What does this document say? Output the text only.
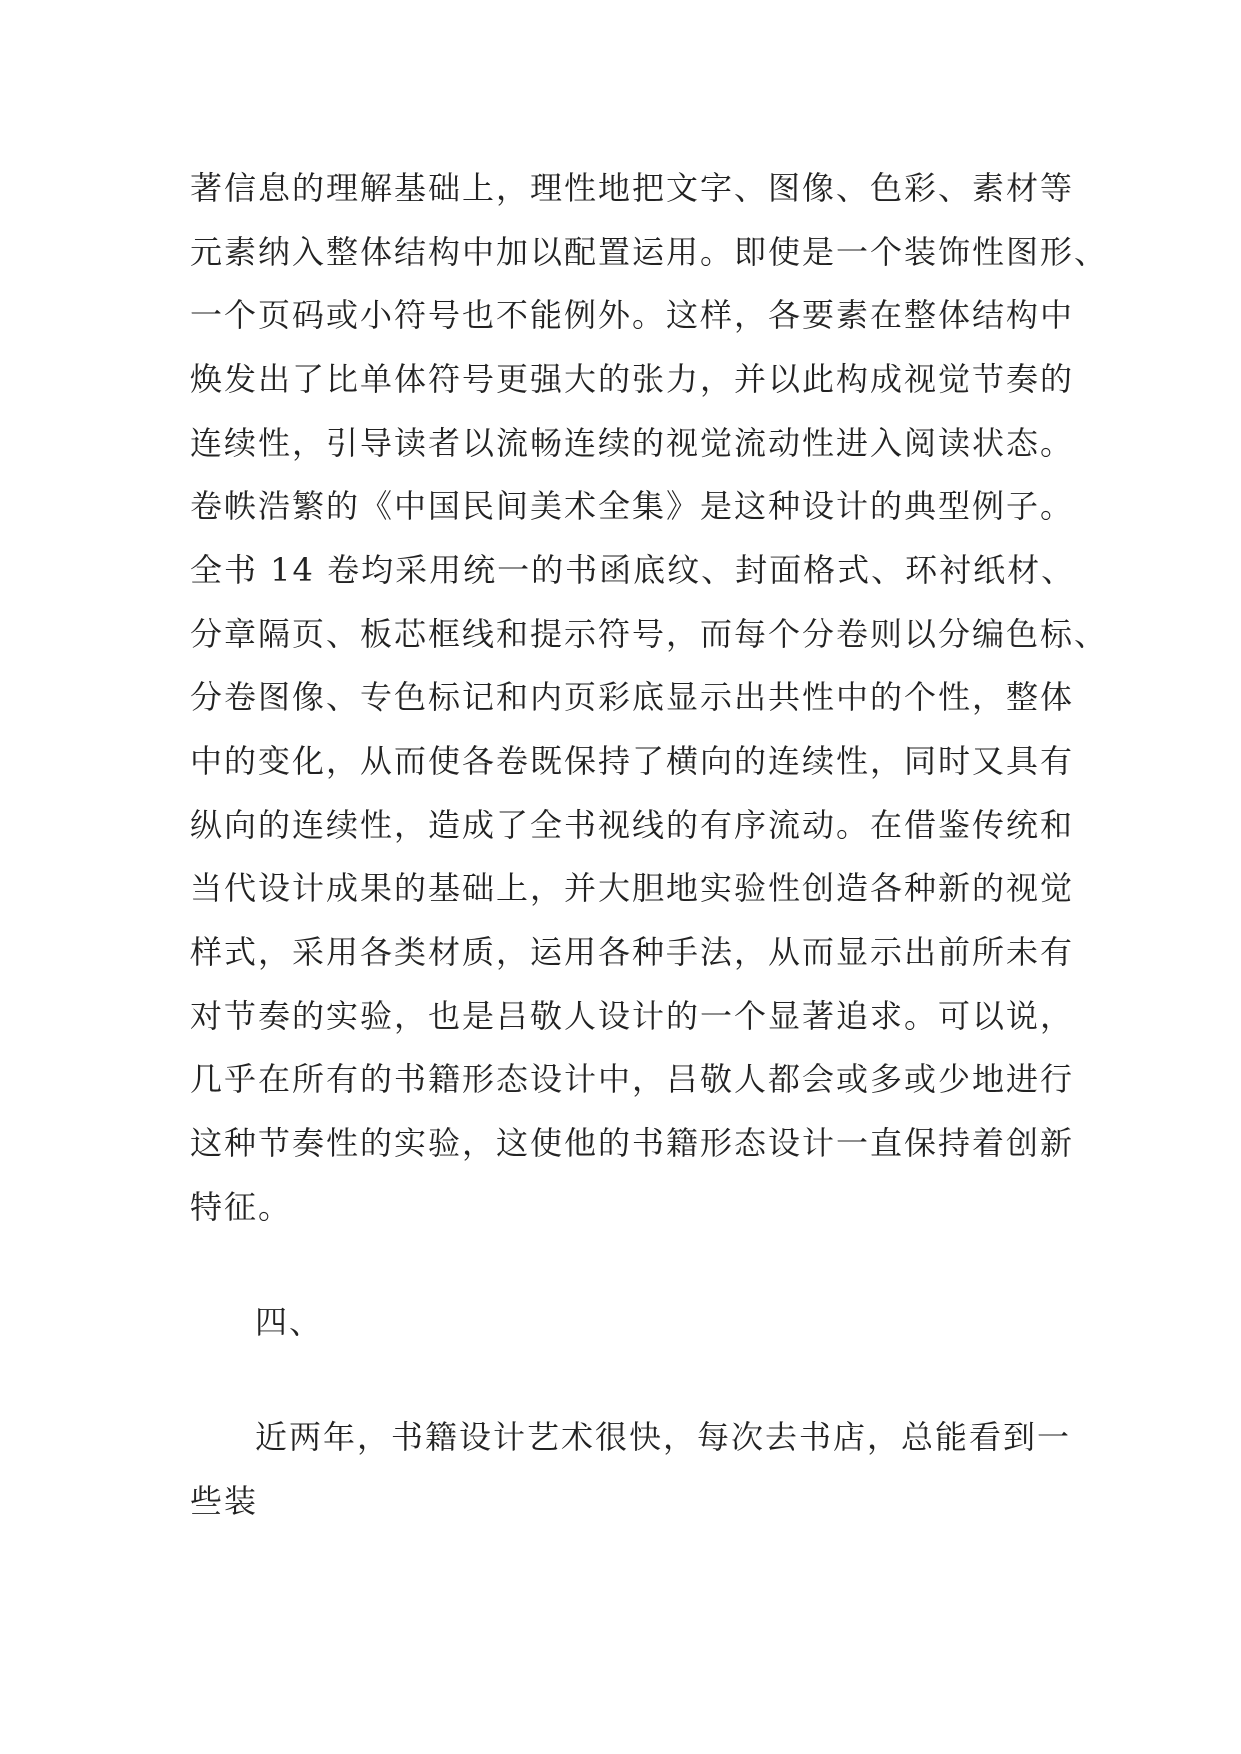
著信息的理解基础上，理性地把文字、图像、色彩、素材等

元素纳入整体结构中加以配置运用。即使是一个装饰性图形、

一个页码或小符号也不能例外。这样，各要素在整体结构中

焕发出了比单体符号更强大的张力，并以此构成视觉节奏的

连续性，引导读者以流畅连续的视觉流动性进入阅读状态。

卷帙浩繁的《中国民间美术全集》是这种设计的典型例子。

全书 14 卷均采用统一的书函底纹、封面格式、环衬纸材、

分章隔页、板芯框线和提示符号，而每个分卷则以分编色标、

分卷图像、专色标记和内页彩底显示出共性中的个性，整体

中的变化，从而使各卷既保持了横向的连续性，同时又具有

纵向的连续性，造成了全书视线的有序流动。在借鉴传统和

当代设计成果的基础上，并大胆地实验性创造各种新的视觉

样式，采用各类材质，运用各种手法，从而显示出前所未有

对节奏的实验，也是吕敬人设计的一个显著追求。可以说，

几乎在所有的书籍形态设计中，吕敬人都会或多或少地进行

这种节奏性的实验，这使他的书籍形态设计一直保持着创新

特征。

四、

近两年，书籍设计艺术很快，每次去书店，总能看到一

些装
